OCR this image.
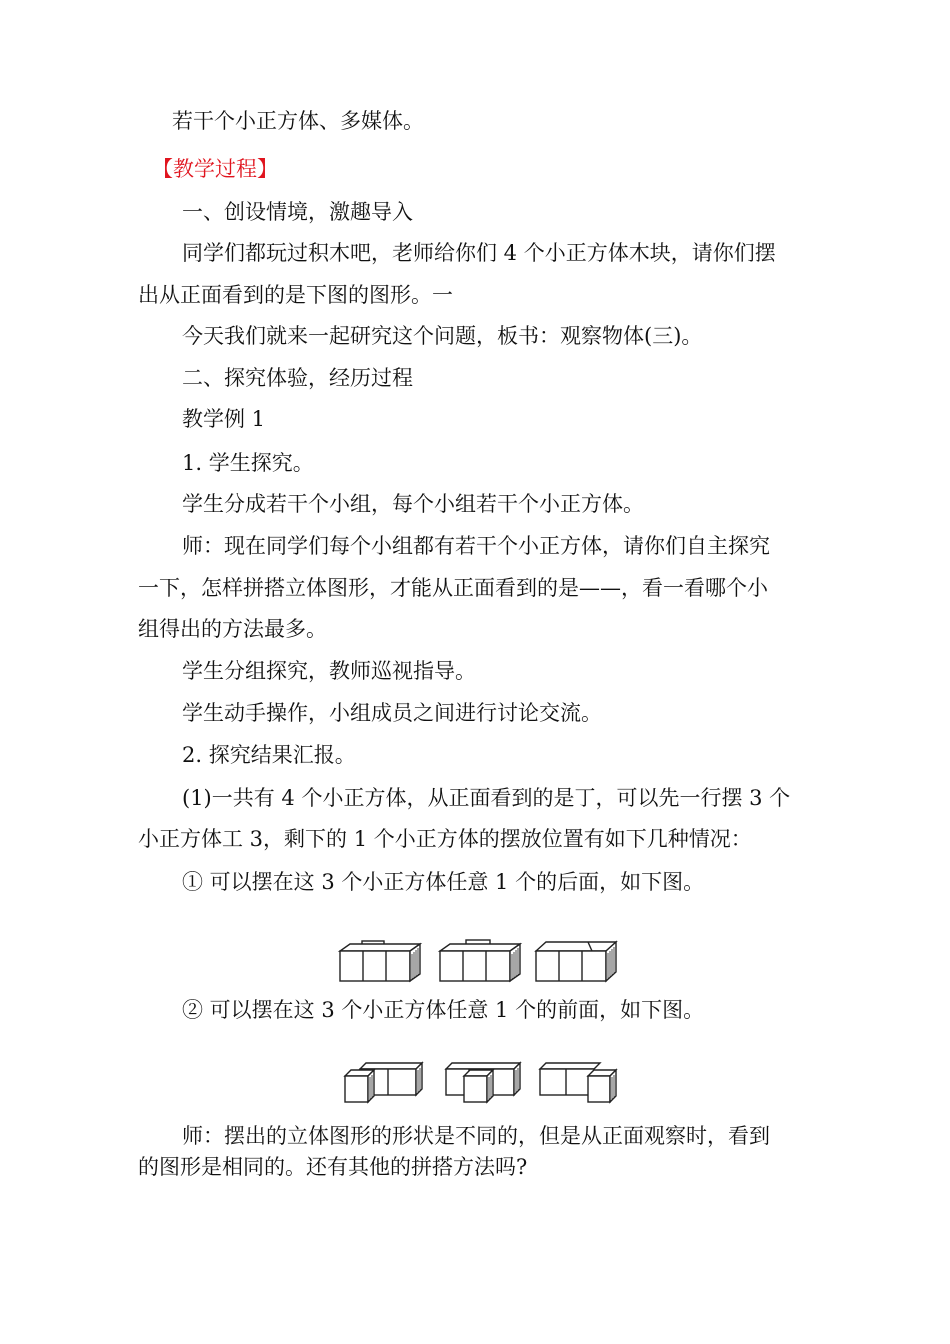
若干个小正方体、多媒体。
【教学过程】
一、创设情境，激趣导入
同学们都玩过积木吧，老师给你们 4 个小正方体木块，请你们摆
出从正面看到的是下图的图形。一
今天我们就来一起研究这个问题，板书：观察物体(三)。
二、探究体验，经历过程
教学例 1
1. 学生探究。
学生分成若干个小组，每个小组若干个小正方体。
师：现在同学们每个小组都有若干个小正方体，请你们自主探究
一下，怎样拼搭立体图形，才能从正面看到的是——，看一看哪个小
组得出的方法最多。
学生分组探究，教师巡视指导。
学生动手操作，小组成员之间进行讨论交流。
2. 探究结果汇报。
(1)一共有 4 个小正方体，从正面看到的是丁，可以先一行摆 3 个
小正方体工 3，剩下的 1 个小正方体的摆放位置有如下几种情况：
① 可以摆在这 3 个小正方体任意 1 个的后面，如下图。
② 可以摆在这 3 个小正方体任意 1 个的前面，如下图。
师：摆出的立体图形的形状是不同的，但是从正面观察时，看到
的图形是相同的。还有其他的拼搭方法吗?
